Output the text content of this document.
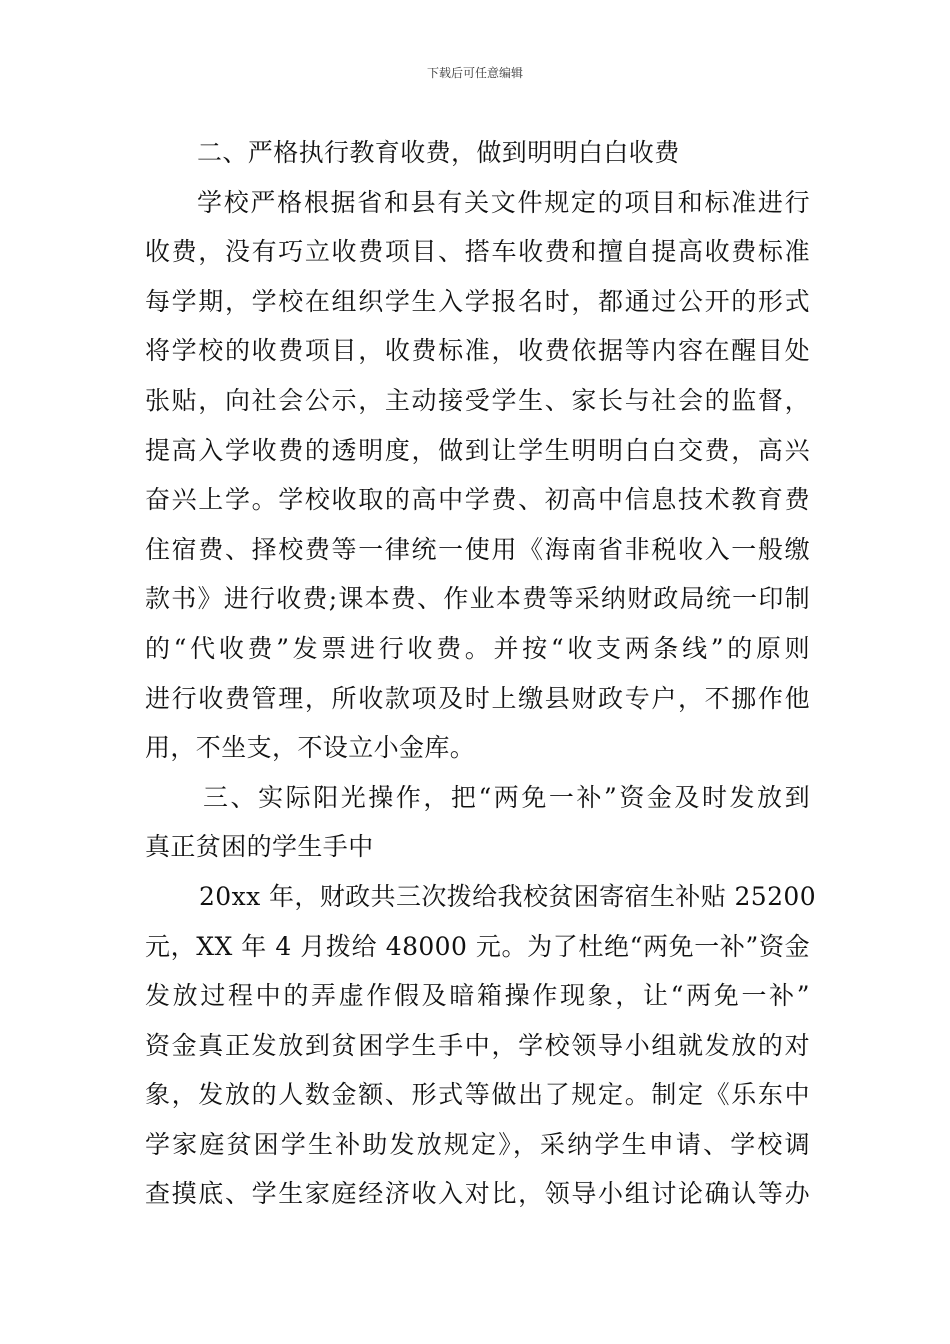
下载后可任意编辑
二、严格执行教育收费，做到明明白白收费
学校严格根据省和县有关文件规定的项目和标准进行
收费，没有巧立收费项目、搭车收费和擅自提高收费标准
每学期，学校在组织学生入学报名时，都通过公开的形式
将学校的收费项目，收费标准，收费依据等内容在醒目处
张贴，向社会公示，主动接受学生、家长与社会的监督，
提高入学收费的透明度，做到让学生明明白白交费，高兴
奋兴上学。学校收取的高中学费、初高中信息技术教育费
住宿费、择校费等一律统一使用《海南省非税收入一般缴
款书》进行收费;课本费、作业本费等采纳财政局统一印制
的“代收费”发票进行收费。并按“收支两条线”的原则
进行收费管理，所收款项及时上缴县财政专户，不挪作他
用，不坐支，不设立小金库。
三、实际阳光操作，把“两免一补”资金及时发放到
真正贫困的学生手中
20xx 年，财政共三次拨给我校贫困寄宿生补贴 25200
元，XX 年 4 月拨给 48000 元。为了杜绝“两免一补”资金
发放过程中的弄虚作假及暗箱操作现象，让“两免一补”
资金真正发放到贫困学生手中，学校领导小组就发放的对
象，发放的人数金额、形式等做出了规定。制定《乐东中
学家庭贫困学生补助发放规定》，采纳学生申请、学校调
查摸底、学生家庭经济收入对比，领导小组讨论确认等办
